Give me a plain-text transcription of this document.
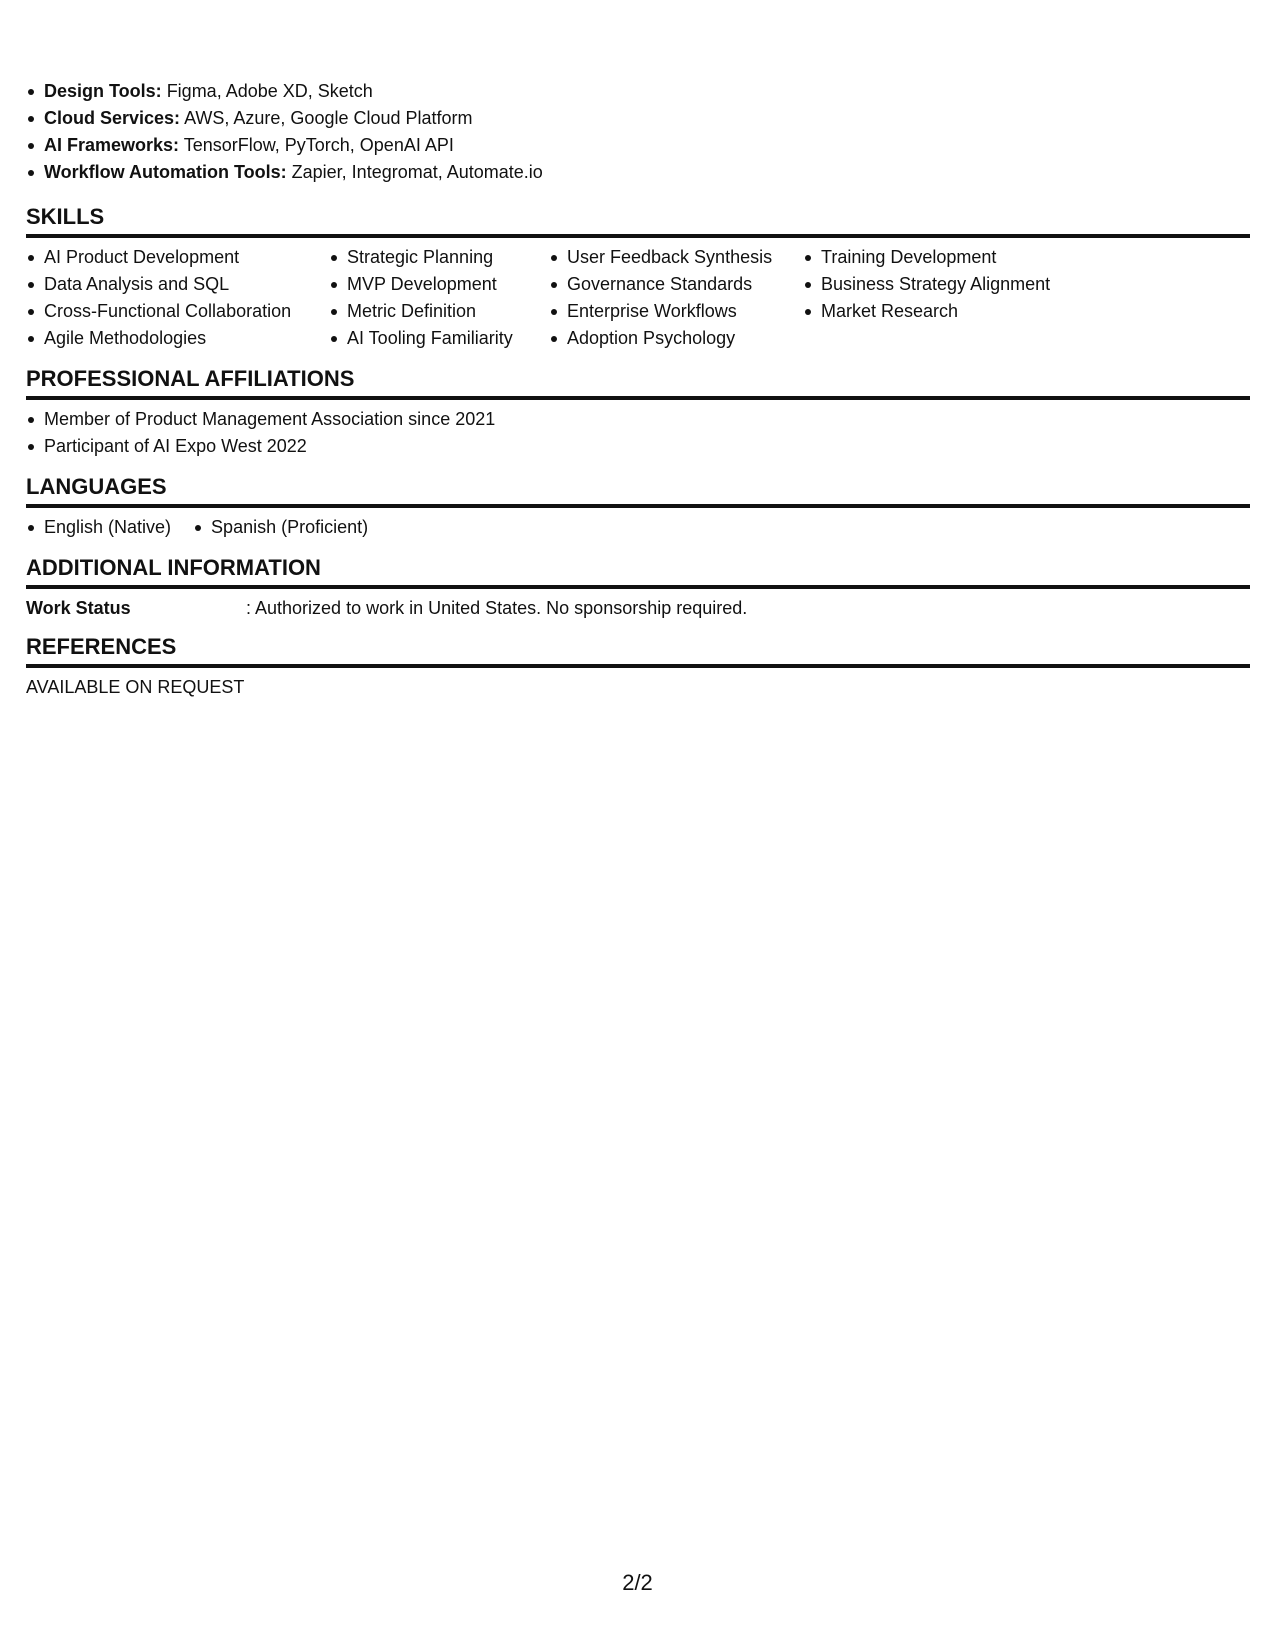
Design Tools: Figma, Adobe XD, Sketch
Cloud Services: AWS, Azure, Google Cloud Platform
AI Frameworks: TensorFlow, PyTorch, OpenAI API
Workflow Automation Tools: Zapier, Integromat, Automate.io
SKILLS
AI Product Development
Data Analysis and SQL
Cross-Functional Collaboration
Agile Methodologies
Strategic Planning
MVP Development
Metric Definition
AI Tooling Familiarity
User Feedback Synthesis
Governance Standards
Enterprise Workflows
Adoption Psychology
Training Development
Business Strategy Alignment
Market Research
PROFESSIONAL AFFILIATIONS
Member of Product Management Association since 2021
Participant of AI Expo West 2022
LANGUAGES
English (Native)	Spanish (Proficient)
ADDITIONAL INFORMATION
Work Status	: Authorized to work in United States. No sponsorship required.
REFERENCES
AVAILABLE ON REQUEST
2/2
